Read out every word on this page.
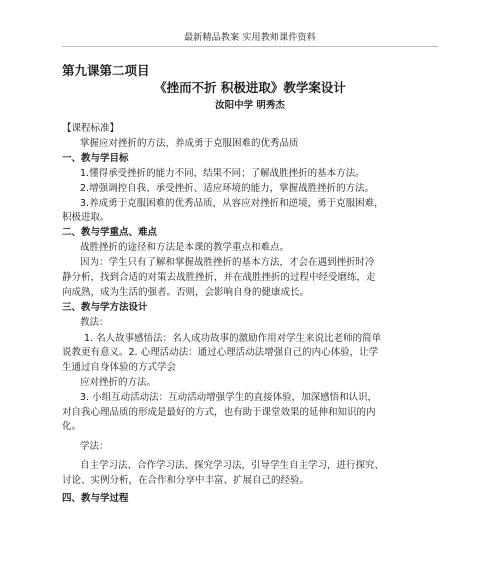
最新精品教案 实用教师课件资料
第九课第二项目
《挫而不折 积极进取》教学案设计
汝阳中学 明秀杰
【课程标准】
掌握应对挫折的方法，养成勇于克服困难的优秀品质
一、教与学目标
1.懂得承受挫折的能力不同，结果不同；了解战胜挫折的基本方法。
2.增强调控自我、承受挫折、适应环境的能力，掌握战胜挫折的方法。
3.养成勇于克服困难的优秀品质，从容应对挫折和逆境，勇于克服困难，
积极进取。
二、教与学重点、难点
战胜挫折的途径和方法是本课的教学重点和难点。
因为：学生只有了解和掌握战胜挫折的基本方法，才会在遇到挫折时冷
静分析，找到合适的对策去战胜挫折，并在战胜挫折的过程中经受磨练，走
向成熟，成为生活的强者。否则，会影响自身的健康成长。
三、教与学方法设计
教法：
1. 名人故事感悟法：名人成功故事的激励作用对学生来说比老师的简单
说教更有意义。2. 心理活动法：通过心理活动法增强自己的内心体验，让学
生通过自身体验的方式学会
应对挫折的方法。
3. 小组互动活动法：互动活动增强学生的直接体验，加深感悟和认识，
对自我心理品质的形成是最好的方式，也有助于课堂效果的延伸和知识的内
化。
学法：
自主学习法、合作学习法、探究学习法，引导学生自主学习，进行探究、
讨论、实例分析，在合作和分享中丰富、扩展自己的经验。
四、教与学过程
